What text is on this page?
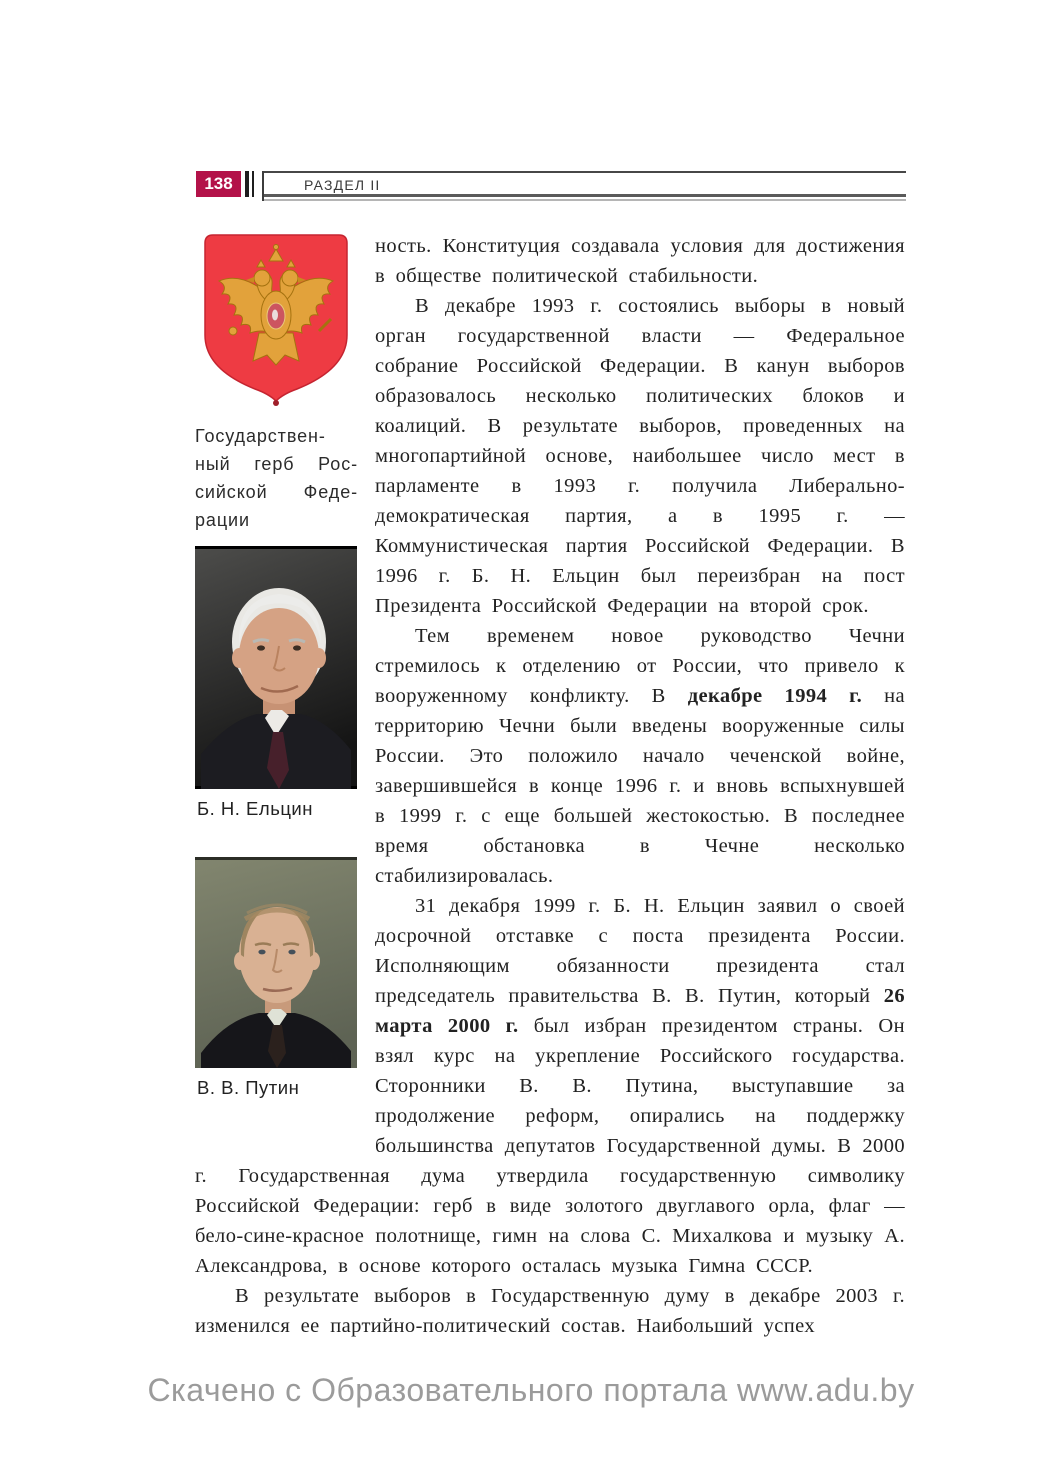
138	РАЗДЕЛ II
Государствен-
ный герб Рос-
сийской Феде-
рации
Б. Н. Ельцин
В. В. Путин

ность. Конституция создавала условия для достижения в обществе политической стабильности.

В декабре 1993 г. состоялись выборы в новый орган государственной власти — Федеральное собрание Российской Федерации. В канун выборов образовалось несколько политических блоков и коалиций. В результате выборов, проведенных на многопартийной основе, наибольшее число мест в парламенте в 1993 г. получила Либерально-демократическая партия, а в 1995 г. — Коммунистическая партия Российской Федерации. В 1996 г. Б. Н. Ельцин был переизбран на пост Президента Российской Федерации на второй срок.

Тем временем новое руководство Чечни стремилось к отделению от России, что привело к вооруженному конфликту. В декабре 1994 г. на территорию Чечни были введены вооруженные силы России. Это положило начало чеченской войне, завершившейся в конце 1996 г. и вновь вспыхнувшей в 1999 г. с еще большей жестокостью. В последнее время обстановка в Чечне несколько стабилизировалась.

31 декабря 1999 г. Б. Н. Ельцин заявил о своей досрочной отставке с поста президента России. Исполняющим обязанности президента стал председатель правительства В. В. Путин, который 26 марта 2000 г. был избран президентом страны. Он взял курс на укрепление Российского государства. Сторонники В. В. Путина, выступавшие за продолжение реформ, опирались на поддержку большинства депутатов Государственной думы. В 2000 г. Государственная дума утвердила государственную символику Российской Федерации: герб в виде золотого двуглавого орла, флаг — бело-сине-красное полотнище, гимн на слова С. Михалкова и музыку А. Александрова, в основе которого осталась музыка Гимна СССР.

В результате выборов в Государственную думу в декабре 2003 г. изменился ее партийно-политический состав. Наибольший успех

Скачено с Образовательного портала www.adu.by
